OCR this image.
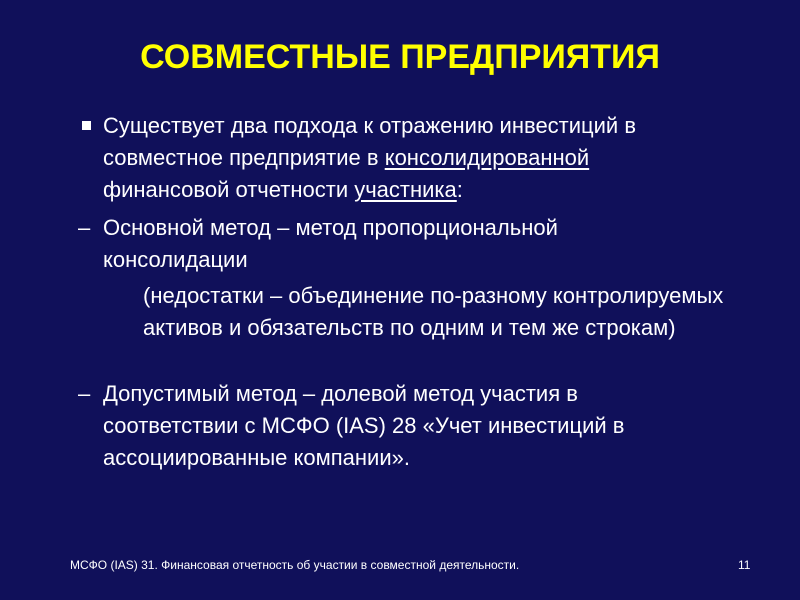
СОВМЕСТНЫЕ ПРЕДПРИЯТИЯ
Существует два подхода к отражению инвестиций в совместное предприятие в консолидированной финансовой отчетности участника:
– Основной метод – метод пропорциональной консолидации
(недостатки – объединение по-разному контролируемых активов и обязательств по одним и тем же строкам)
– Допустимый метод – долевой метод участия в соответствии с МСФО (IAS) 28 «Учет инвестиций в ассоциированные компании».
МСФО (IAS) 31. Финансовая отчетность об участии в совместной деятельности.	11
